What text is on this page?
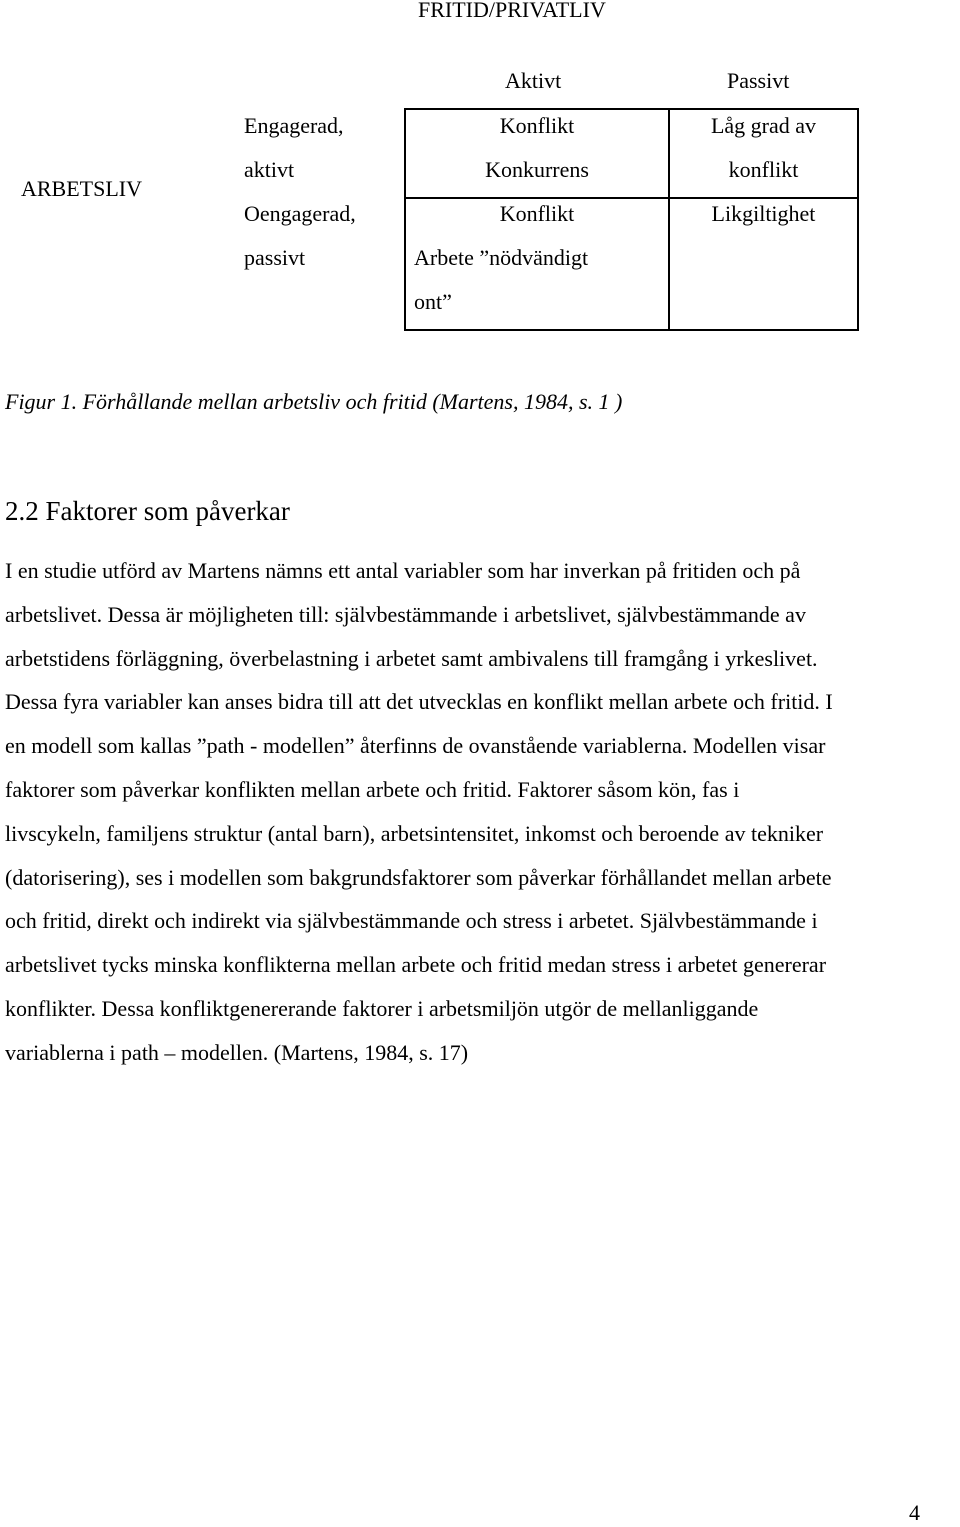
FRITID/PRIVATLIV
Aktivt	Passivt
ARBETSLIV
Engagerad,
aktivt
Oengagerad,
passivt
Konflikt
Konkurrens
Låg grad av
konflikt
Konflikt
Arbete ”nödvändigt
ont”
Likgiltighet
Figur 1. Förhållande mellan arbetsliv och fritid (Martens, 1984, s. 1 )
2.2 Faktorer som påverkar
I en studie utförd av Martens nämns ett antal variabler som har inverkan på fritiden och på
arbetslivet. Dessa är möjligheten till: självbestämmande i arbetslivet, självbestämmande av
arbetstidens förläggning, överbelastning i arbetet samt ambivalens till framgång i yrkeslivet.
Dessa fyra variabler kan anses bidra till att det utvecklas en konflikt mellan arbete och fritid. I
en modell som kallas ”path - modellen” återfinns de ovanstående variablerna. Modellen visar
faktorer som påverkar konflikten mellan arbete och fritid. Faktorer såsom kön, fas i
livscykeln, familjens struktur (antal barn), arbetsintensitet, inkomst och beroende av tekniker
(datorisering), ses i modellen som bakgrundsfaktorer som påverkar förhållandet mellan arbete
och fritid, direkt och indirekt via självbestämmande och stress i arbetet. Självbestämmande i
arbetslivet tycks minska konflikterna mellan arbete och fritid medan stress i arbetet genererar
konflikter. Dessa konfliktgenererande faktorer i arbetsmiljön utgör de mellanliggande
variablerna i path – modellen. (Martens, 1984, s. 17)
4
